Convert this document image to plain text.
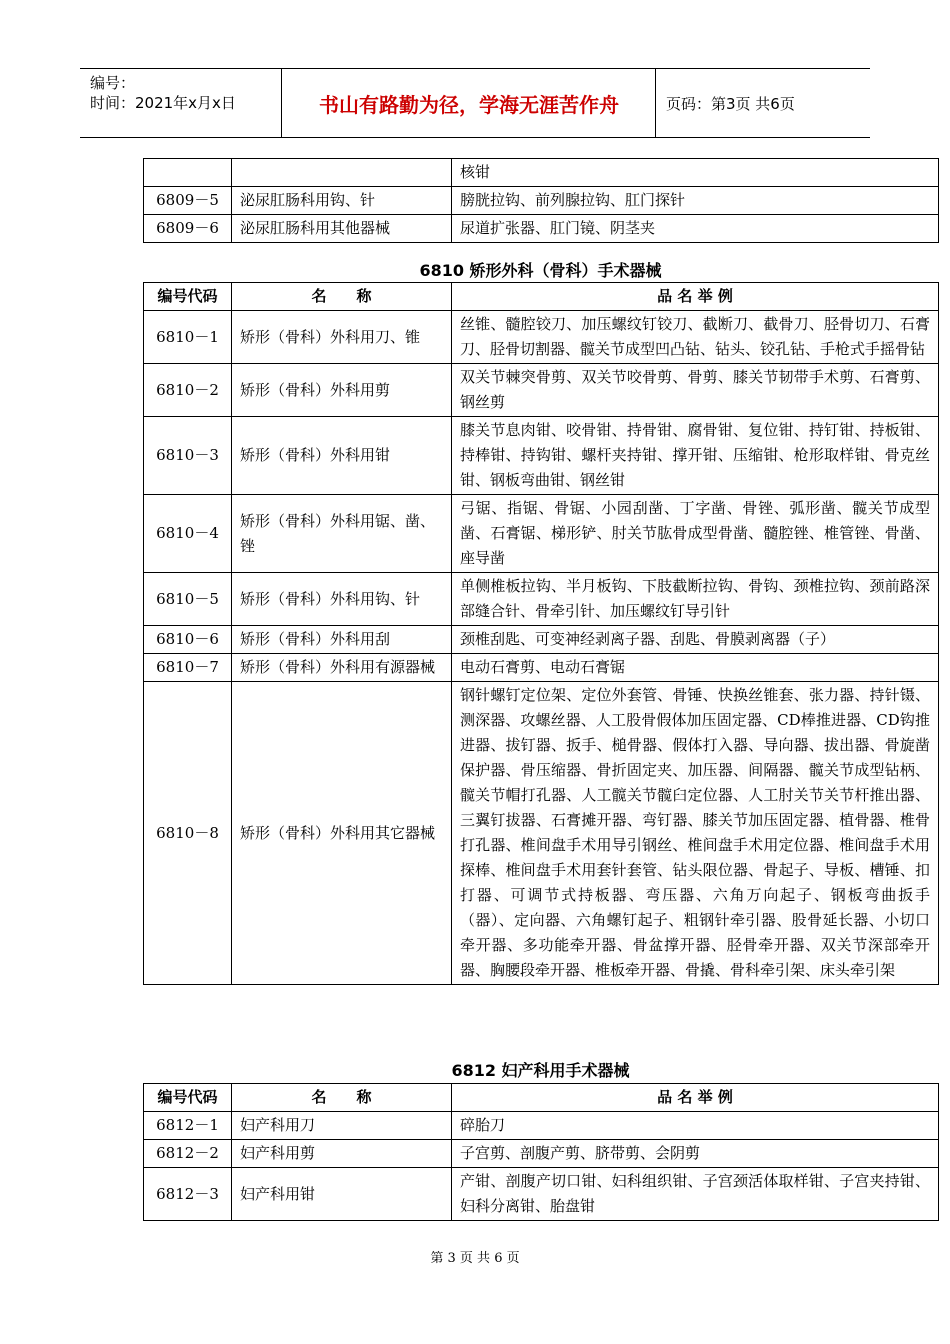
编号：
时间：2021年x月x日	书山有路勤为径，学海无涯苦作舟	页码：第3页 共6页
		核钳
6809－5	泌尿肛肠科用钩、针	膀胱拉钩、前列腺拉钩、肛门探针
6809－6	泌尿肛肠科用其他器械	尿道扩张器、肛门镜、阴茎夹
6810 矫形外科（骨科）手术器械
编号代码	名　　称	品 名 举 例
6810－1	矫形（骨科）外科用刀、锥	丝锥、髓腔铰刀、加压螺纹钉铰刀、截断刀、截骨刀、胫骨切刀、石膏刀、胫骨切割器、髋关节成型凹凸钻、钻头、铰孔钻、手枪式手摇骨钻
6810－2	矫形（骨科）外科用剪	双关节棘突骨剪、双关节咬骨剪、骨剪、膝关节韧带手术剪、石膏剪、钢丝剪
6810－3	矫形（骨科）外科用钳	膝关节息肉钳、咬骨钳、持骨钳、腐骨钳、复位钳、持钉钳、持板钳、持棒钳、持钩钳、螺杆夹持钳、撑开钳、压缩钳、枪形取样钳、骨克丝钳、钢板弯曲钳、钢丝钳
6810－4	矫形（骨科）外科用锯、凿、锉	弓锯、指锯、骨锯、小园刮凿、丁字凿、骨锉、弧形凿、髋关节成型凿、石膏锯、梯形铲、肘关节肱骨成型骨凿、髓腔锉、椎管锉、骨凿、座导凿
6810－5	矫形（骨科）外科用钩、针	单侧椎板拉钩、半月板钩、下肢截断拉钩、骨钩、颈椎拉钩、颈前路深部缝合针、骨牵引针、加压螺纹钉导引针
6810－6	矫形（骨科）外科用刮	颈椎刮匙、可变神经剥离子器、刮匙、骨膜剥离器（子）
6810－7	矫形（骨科）外科用有源器械	电动石膏剪、电动石膏锯
6810－8	矫形（骨科）外科用其它器械	钢针螺钉定位架、定位外套管、骨锤、快换丝锥套、张力器、持针镊、测深器、攻螺丝器、人工股骨假体加压固定器、CD棒推进器、CD钩推进器、拔钉器、扳手、槌骨器、假体打入器、导向器、拔出器、骨旋凿保护器、骨压缩器、骨折固定夹、加压器、间隔器、髋关节成型钻柄、髋关节帽打孔器、人工髋关节髋臼定位器、人工肘关节关节杆推出器、三翼钉拔器、石膏摊开器、弯钉器、膝关节加压固定器、植骨器、椎骨打孔器、椎间盘手术用导引钢丝、椎间盘手术用定位器、椎间盘手术用探棒、椎间盘手术用套针套管、钻头限位器、骨起子、导板、槽锤、扣打器、可调节式持板器、弯压器、六角万向起子、钢板弯曲扳手（器）、定向器、六角螺钉起子、粗钢针牵引器、股骨延长器、小切口牵开器、多功能牵开器、骨盆撑开器、胫骨牵开器、双关节深部牵开器、胸腰段牵开器、椎板牵开器、骨撬、骨科牵引架、床头牵引架
6812 妇产科用手术器械
编号代码	名　　称	品 名 举 例
6812－1	妇产科用刀	碎胎刀
6812－2	妇产科用剪	子宫剪、剖腹产剪、脐带剪、会阴剪
6812－3	妇产科用钳	产钳、剖腹产切口钳、妇科组织钳、子宫颈活体取样钳、子宫夹持钳、妇科分离钳、胎盘钳
第 3 页 共 6 页
